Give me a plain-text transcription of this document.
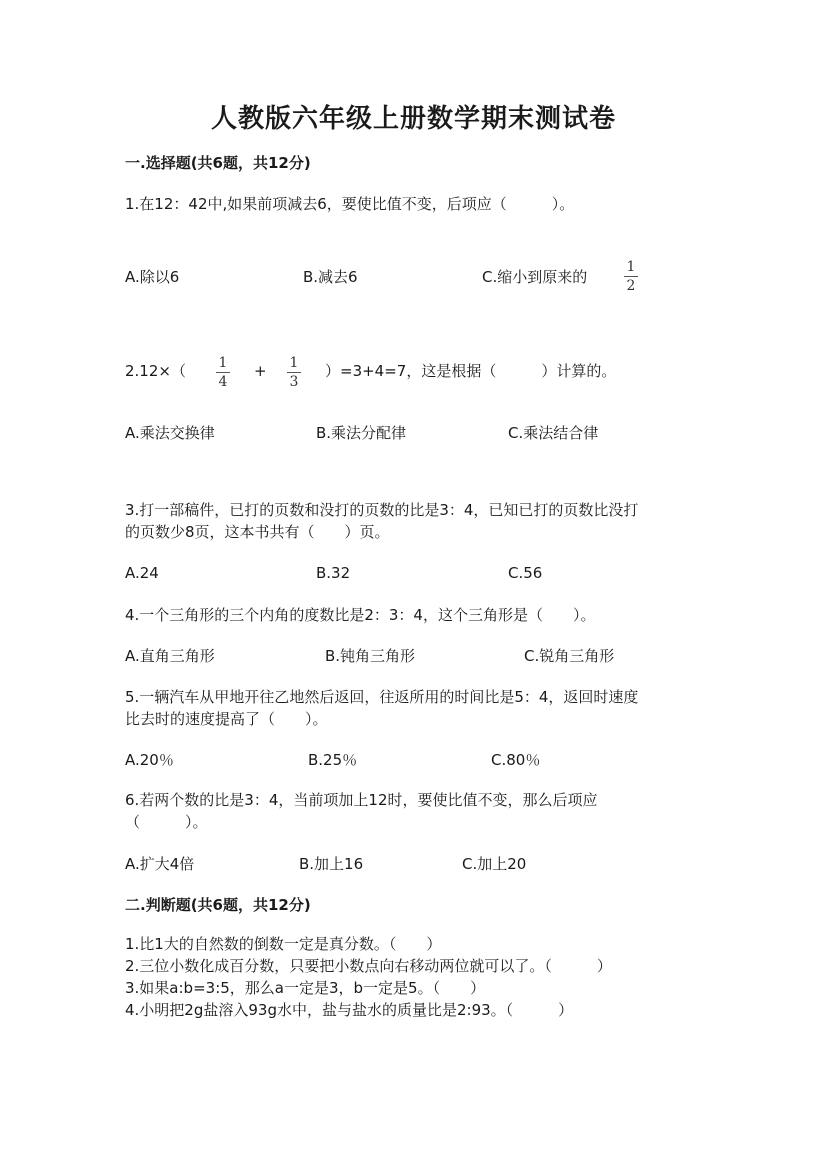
人教版六年级上册数学期末测试卷
一.选择题(共6题，共12分)
1.在12：42中,如果前项减去6，要使比值不变，后项应（　　　）。
A.除以6	B.减去6	C.缩小到原来的
1
2
2.12×（ 1
4
+ 1
3
）=3+4=7，这是根据（　　　）计算的。
A.乘法交换律	B.乘法分配律	C.乘法结合律
3.打一部稿件，已打的页数和没打的页数的比是3：4，已知已打的页数比没打
的页数少8页，这本书共有（　　）页。
A.24	B.32	C.56
4.一个三角形的三个内角的度数比是2：3：4，这个三角形是（　　）。
A.直角三角形	B.钝角三角形	C.锐角三角形
5.一辆汽车从甲地开往乙地然后返回，往返所用的时间比是5：4，返回时速度
比去时的速度提高了（　　）。
A.20％	B.25％	C.80％
6.若两个数的比是3：4，当前项加上12时，要使比值不变，那么后项应
（　　　）。
A.扩大4倍	B.加上16	C.加上20
二.判断题(共6题，共12分)
1.比1大的自然数的倒数一定是真分数。（　　）
2.三位小数化成百分数，只要把小数点向右移动两位就可以了。（　　　）
3.如果a:b=3:5，那么a一定是3，b一定是5。（　　）
4.小明把2g盐溶入93g水中，盐与盐水的质量比是2:93。（　　　）
